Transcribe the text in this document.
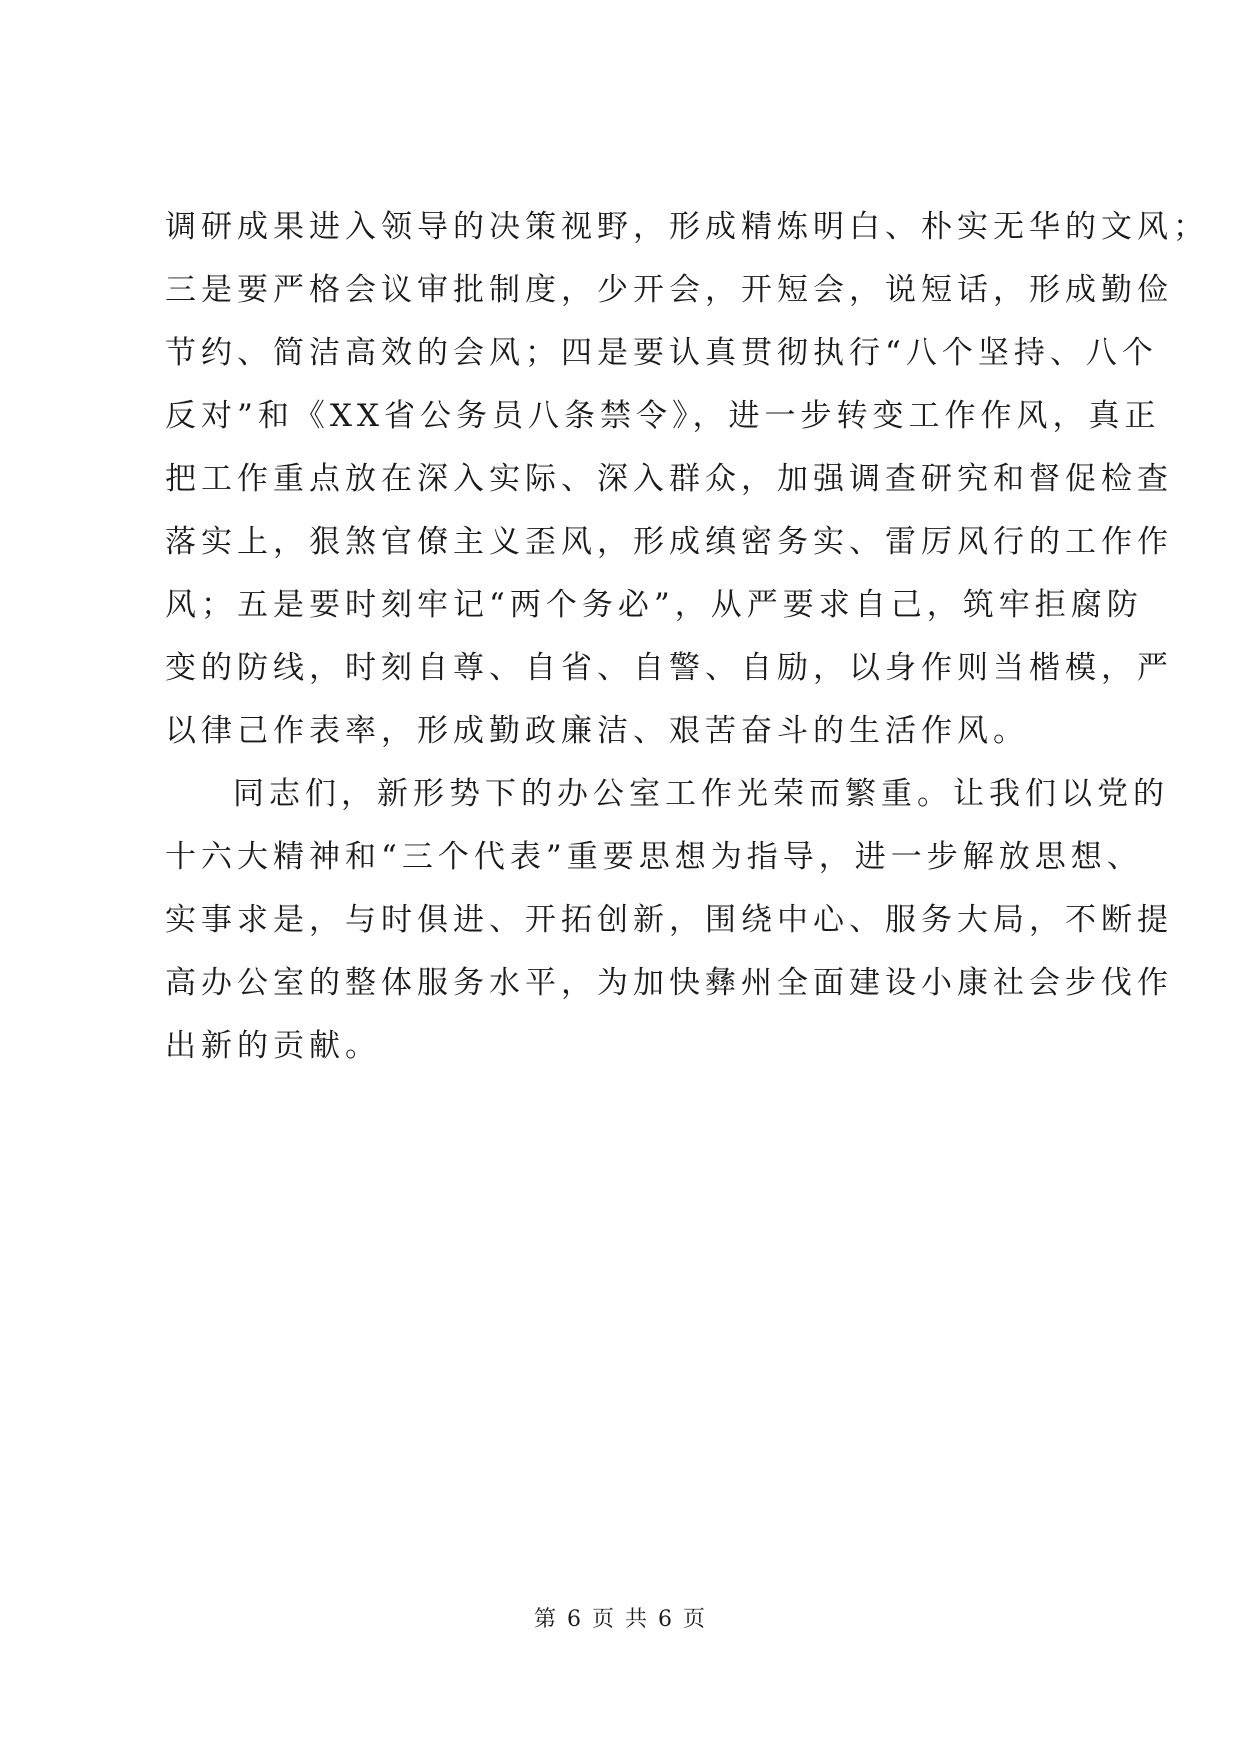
调研成果进入领导的决策视野，形成精炼明白、朴实无华的文风；
三是要严格会议审批制度，少开会，开短会，说短话，形成勤俭
节约、简洁高效的会风；四是要认真贯彻执行“八个坚持、八个
反对”和《XX省公务员八条禁令》，进一步转变工作作风，真正
把工作重点放在深入实际、深入群众，加强调查研究和督促检查
落实上，狠煞官僚主义歪风，形成缜密务实、雷厉风行的工作作
风；五是要时刻牢记“两个务必”，从严要求自己，筑牢拒腐防
变的防线，时刻自尊、自省、自警、自励，以身作则当楷模，严
以律己作表率，形成勤政廉洁、艰苦奋斗的生活作风。
同志们，新形势下的办公室工作光荣而繁重。让我们以党的
十六大精神和“三个代表”重要思想为指导，进一步解放思想、
实事求是，与时俱进、开拓创新，围绕中心、服务大局，不断提
高办公室的整体服务水平，为加快彝州全面建设小康社会步伐作
出新的贡献。
第 6 页 共 6 页
